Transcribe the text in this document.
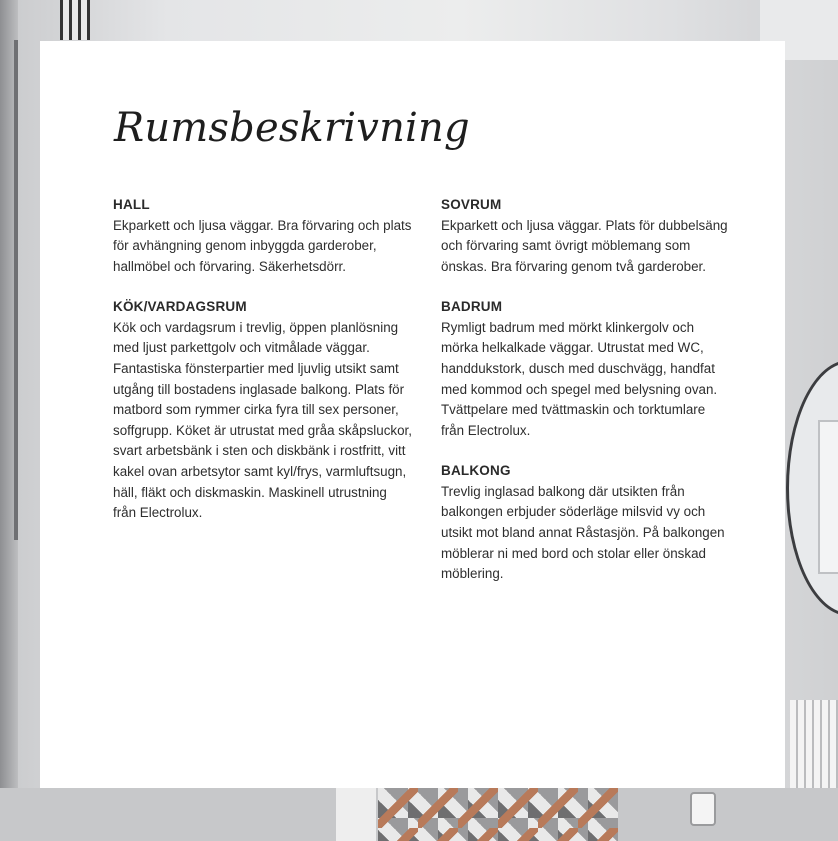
Rumsbeskrivning
HALL

Ekparkett och ljusa väggar. Bra förvaring och plats för avhängning genom inbyggda garderober, hallmöbel och förvaring. Säkerhetsdörr.

KÖK/VARDAGSRUM

Kök och vardagsrum i trevlig, öppen planlösning med ljust parkettgolv och vitmålade väggar. Fantastiska fönsterpartier med ljuvlig utsikt samt utgång till bostadens inglasade balkong. Plats för matbord som rymmer cirka fyra till sex personer, soffgrupp. Köket är utrustat med gråa skåpsluckor, svart arbetsbänk i sten och diskbänk i rostfritt, vitt kakel ovan arbetsytor samt kyl/frys, varmluftsugn, häll, fläkt och diskmaskin. Maskinell utrustning från Electrolux.

SOVRUM

Ekparkett och ljusa väggar. Plats för dubbelsäng och förvaring samt övrigt möblemang som önskas. Bra förvaring genom två garderober.

BADRUM

Rymligt badrum med mörkt klinkergolv och mörka helkalkade väggar. Utrustat med WC, handdukstork, dusch med duschvägg, handfat med kommod och spegel med belysning ovan. Tvättpelare med tvättmaskin och torktumlare från Electrolux.

BALKONG

Trevlig inglasad balkong där utsikten från balkongen erbjuder söderläge milsvid vy och utsikt mot bland annat Råstasjön. På balkongen möblerar ni med bord och stolar eller önskad möblering.
